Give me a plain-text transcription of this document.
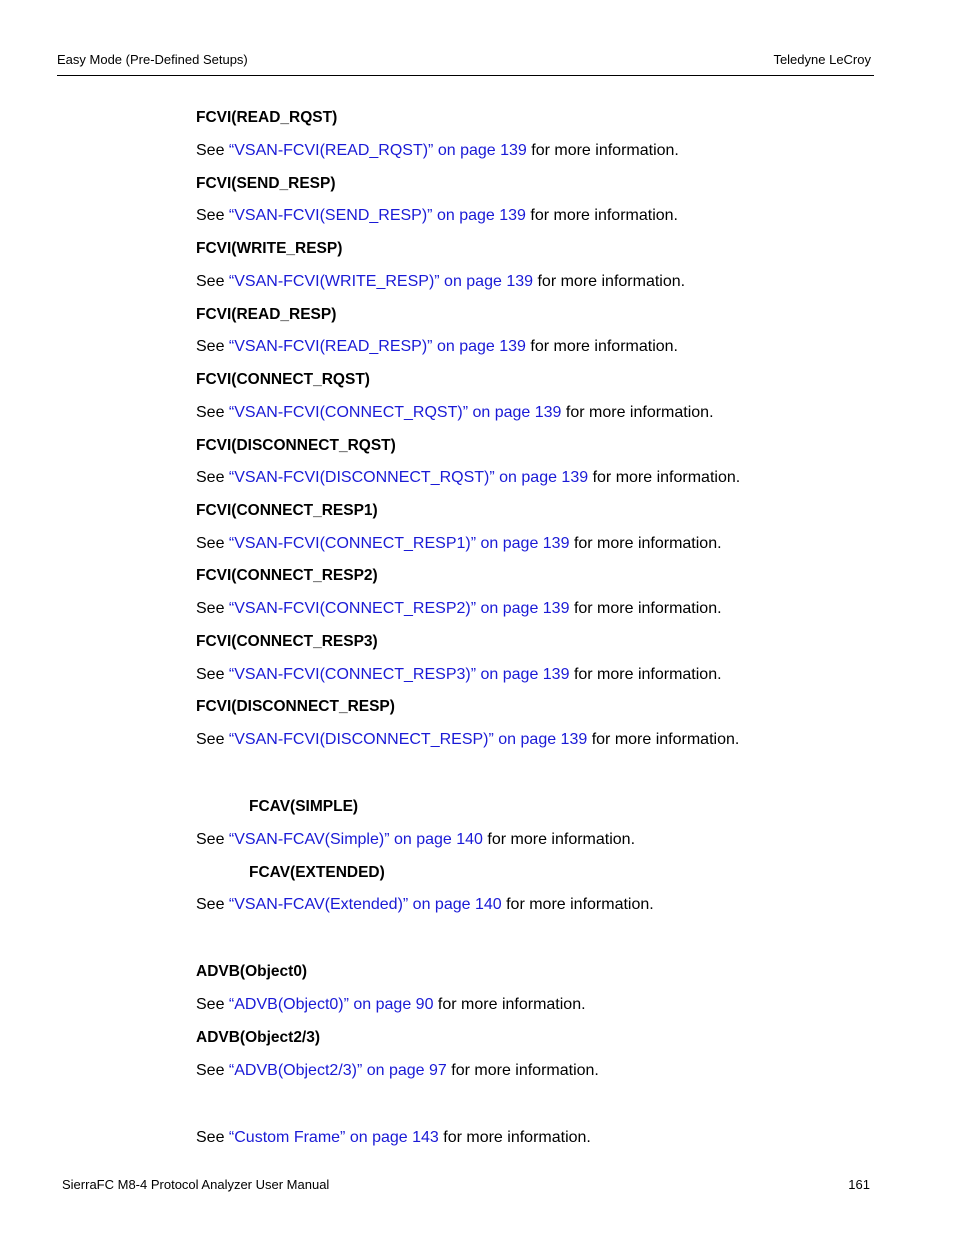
Easy Mode (Pre-Defined Setups)	Teledyne LeCroy
FCVI(READ_RQST)
See “VSAN-FCVI(READ_RQST)” on page 139 for more information.
FCVI(SEND_RESP)
See “VSAN-FCVI(SEND_RESP)” on page 139 for more information.
FCVI(WRITE_RESP)
See “VSAN-FCVI(WRITE_RESP)” on page 139 for more information.
FCVI(READ_RESP)
See “VSAN-FCVI(READ_RESP)” on page 139 for more information.
FCVI(CONNECT_RQST)
See “VSAN-FCVI(CONNECT_RQST)” on page 139 for more information.
FCVI(DISCONNECT_RQST)
See “VSAN-FCVI(DISCONNECT_RQST)” on page 139 for more information.
FCVI(CONNECT_RESP1)
See “VSAN-FCVI(CONNECT_RESP1)” on page 139 for more information.
FCVI(CONNECT_RESP2)
See “VSAN-FCVI(CONNECT_RESP2)” on page 139 for more information.
FCVI(CONNECT_RESP3)
See “VSAN-FCVI(CONNECT_RESP3)” on page 139 for more information.
FCVI(DISCONNECT_RESP)
See “VSAN-FCVI(DISCONNECT_RESP)” on page 139 for more information.
FCAV(SIMPLE)
See “VSAN-FCAV(Simple)” on page 140 for more information.
FCAV(EXTENDED)
See “VSAN-FCAV(Extended)” on page 140 for more information.
ADVB(Object0)
See “ADVB(Object0)” on page 90 for more information.
ADVB(Object2/3)
See “ADVB(Object2/3)” on page 97 for more information.
See “Custom Frame” on page 143 for more information.
SierraFC M8-4 Protocol Analyzer User Manual	161
